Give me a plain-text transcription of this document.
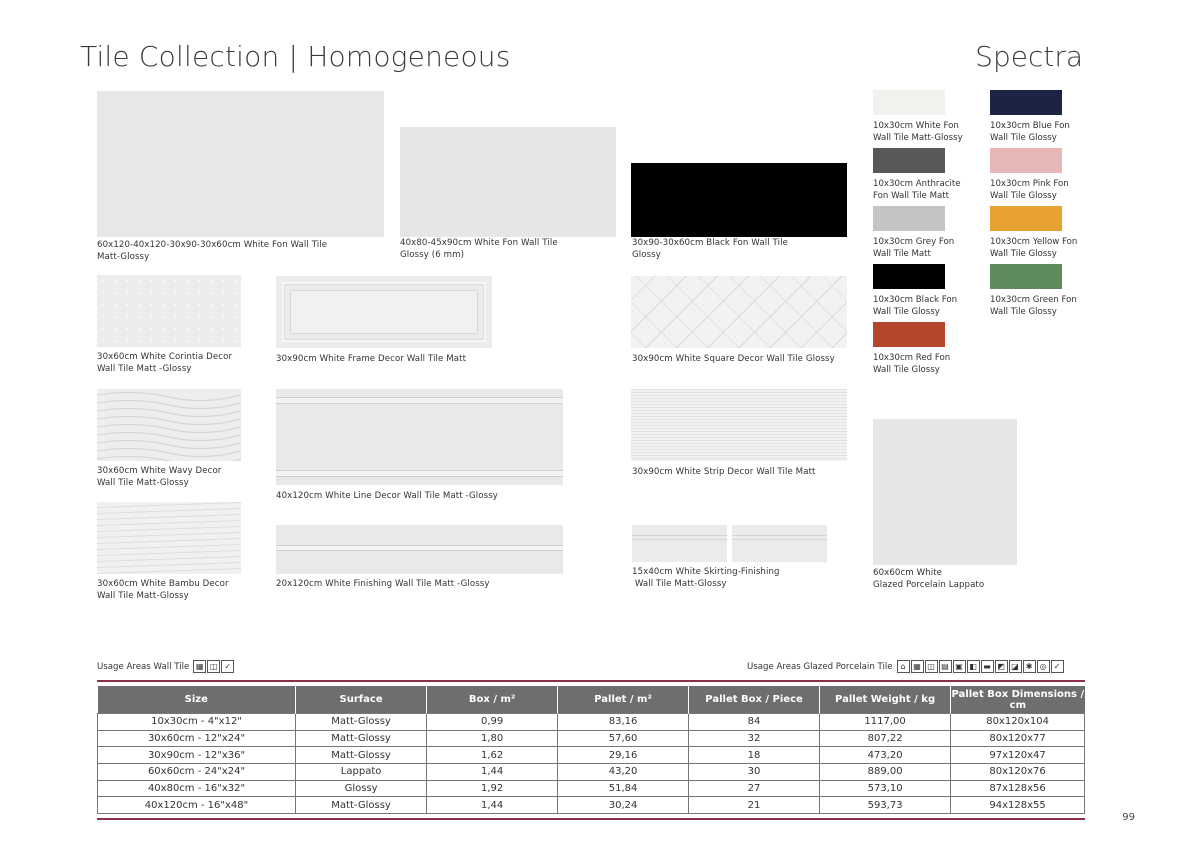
Tile Collection | Homogeneous	Spectra
60x120-40x120-30x90-30x60cm White Fon Wall Tile
Matt-Glossy
40x80-45x90cm White Fon Wall Tile
Glossy (6 mm)
30x90-30x60cm Black Fon Wall Tile
Glossy
30x60cm White Corintia Decor
Wall Tile Matt -Glossy
30x90cm White Frame Decor Wall Tile Matt	30x90cm White Square Decor Wall Tile Glossy
30x60cm White Wavy Decor
Wall Tile Matt-Glossy
40x120cm White Line Decor Wall Tile Matt -Glossy
30x90cm White Strip Decor Wall Tile Matt
30x60cm White Bambu Decor
Wall Tile Matt-Glossy
20x120cm White Finishing Wall Tile Matt -Glossy
15x40cm White Skirting-Finishing
Wall Tile Matt-Glossy
60x60cm White
Glazed Porcelain Lappato
10x30cm White Fon
Wall Tile Matt-Glossy
10x30cm Blue Fon
Wall Tile Glossy
10x30cm Anthracite
Fon Wall Tile Matt
10x30cm Pink Fon
Wall Tile Glossy
10x30cm Grey Fon
Wall Tile Matt
10x30cm Yellow Fon
Wall Tile Glossy
10x30cm Black Fon
Wall Tile Glossy
10x30cm Green Fon
Wall Tile Glossy
10x30cm Red Fon
Wall Tile Glossy
Usage Areas Wall Tile ▦ ◫ ✓	Usage Areas Glazed Porcelain Tile ⌂ ▦ ◫ ▤ ▣ ◧ ▬ ◩ ◪ ✱ ◎ ✓
Size	Surface	Box / m²	Pallet / m²	Pallet Box / Piece	Pallet Weight / kg	Pallet Box Dimensions / cm
10x30cm - 4"x12"	Matt-Glossy	0,99	83,16	84	1117,00	80x120x104
30x60cm - 12"x24"	Matt-Glossy	1,80	57,60	32	807,22	80x120x77
30x90cm - 12"x36"	Matt-Glossy	1,62	29,16	18	473,20	97x120x47
60x60cm - 24"x24"	Lappato	1,44	43,20	30	889,00	80x120x76
40x80cm - 16"x32"	Glossy	1,92	51,84	27	573,10	87x128x56
40x120cm - 16"x48"	Matt-Glossy	1,44	30,24	21	593,73	94x128x55
99
